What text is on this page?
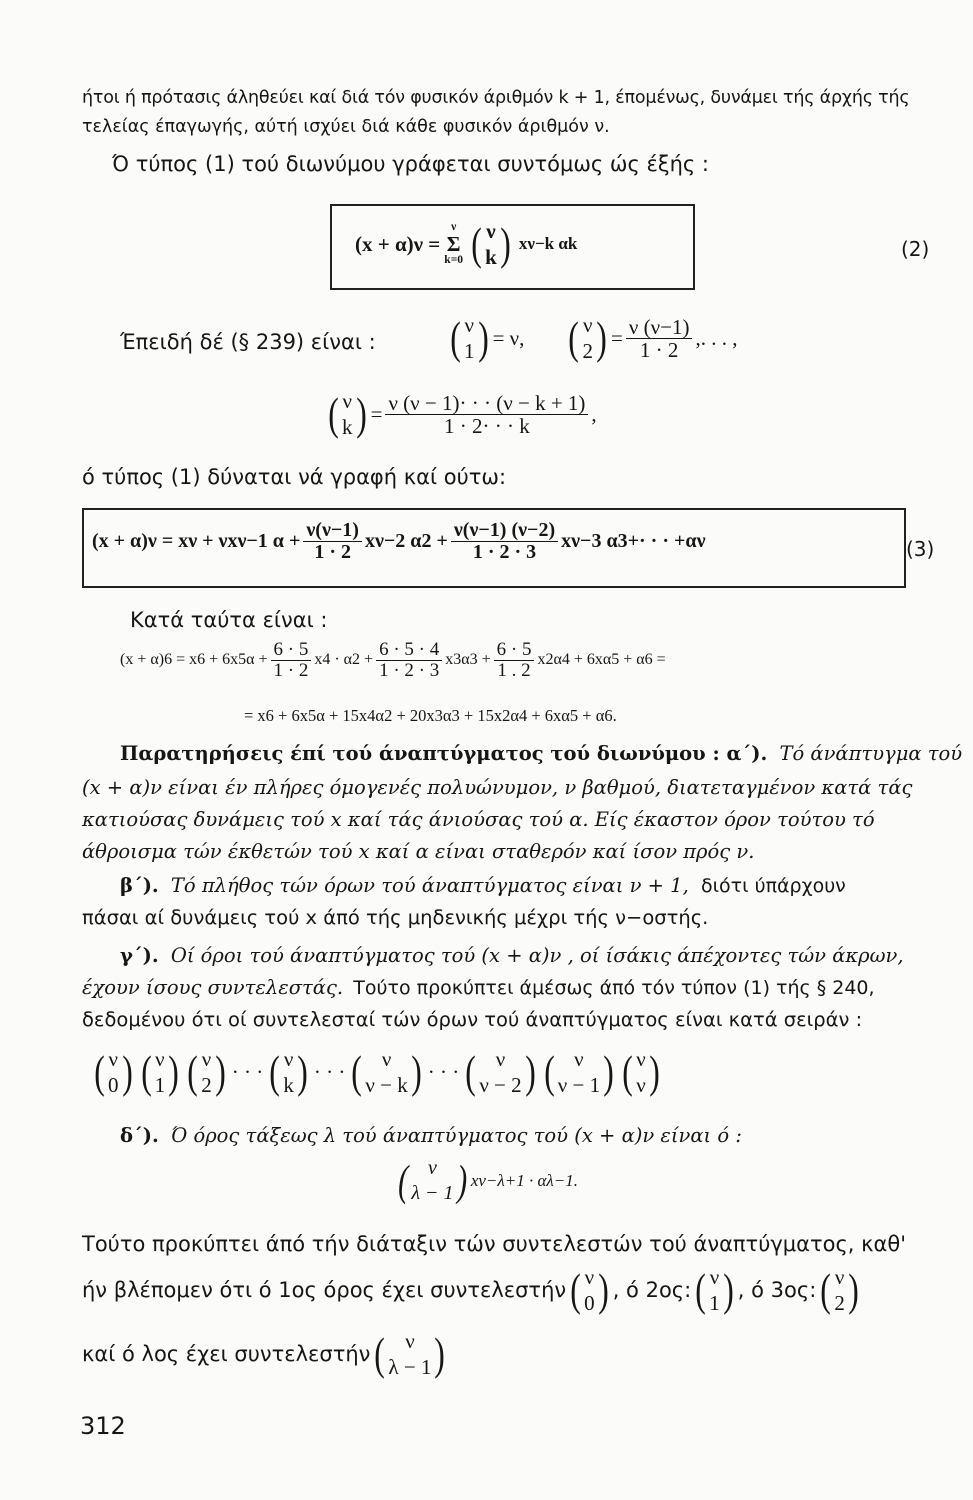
ήτοι ή πρότασις άληθεύει καί διά τόν φυσικόν άριθμόν k + 1, έπομένως, δυνάμει τής άρχής τής
τελείας έπαγωγής, αύτή ισχύει διά κάθε φυσικόν άριθμόν ν.
Ό τύπος (1) τού διωνύμου γράφεται συντόμως ώς έξής :
(x + α)ν =
ν
Σ
k=0 ( ν
k ) xν−k αk	(2)
Έπειδή δέ (§ 239) είναι : ( ν
1 ) = ν, ( ν
2 ) = $\frac{\nu (\nu-1)}{1 \cdot 2}$ ,. . . ,
( ν
k ) = $\frac{\nu (\nu - 1)\cdot \cdot \cdot (\nu - k + 1)}{1 \cdot 2\cdot \cdot \cdot k}$ ,
ό τύπος (1) δύναται νά γραφή καί ούτω:
(x + α)ν = xν + νxν−1 $\alpha + \frac{\nu(\nu-1)}{1 \cdot 2} x\nu-2$ $\alpha 2 + \frac{\nu(\nu-1) (\nu-2)}{1 \cdot 2 \cdot 3} x\nu-3$ α3+· · · +αν	(3)
Κατά ταύτα είναι :
$(x + \alpha)6 = x6 + 6x5\alpha + \frac{6 \cdot 5}{1 \cdot 2} x4 \cdot \alpha 2 + \frac{6 \cdot 5 \cdot 4}{1 \cdot 2 \cdot 3} x3\alpha 3 + \frac{6 \cdot 5}{1 . 2} x2\alpha 4 + 6x\alpha 5 + \alpha 6$ =
= x6 + 6x5α + 15x4α2 + 20x3α3 + 15x2α4 + 6xα5 + α6.
Παρατηρήσεις έπί τού άναπτύγματος τού διωνύμου : α΄). Τό άνάπτυγμα τού
(x + α)ν είναι έν πλήρες όμογενές πολυώνυμον, ν βαθμού, διατεταγμένον κατά τάς
κατιούσας δυνάμεις τού x καί τάς άνιούσας τού α. Είς έκαστον όρον τούτου τό
άθροισμα τών έκθετών τού x καί α είναι σταθερόν καί ίσον πρός ν.
β΄). Τό πλήθος τών όρων τού άναπτύγματος είναι ν + 1, διότι ύπάρχουν
πάσαι αί δυνάμεις τού x άπό τής μηδενικής μέχρι τής ν−οστής.
γ΄). Οί όροι τού άναπτύγματος τού (x + α)ν , οί ίσάκις άπέχοντες τών άκρων,
έχουν ίσους συντελεστάς. Τούτο προκύπτει άμέσως άπό τόν τύπον (1) τής § 240,
δεδομένου ότι οί συντελεσταί τών όρων τού άναπτύγματος είναι κατά σειράν :
( ν
0 ) ( ν
1 ) ( ν
2 ) · · · ( ν
k ) · · · ( ν
ν − k ) · · · ( ν
ν − 2 ) ( ν
ν − 1 ) ( ν
ν )
δ΄). Ό όρος τάξεως λ τού άναπτύγματος τού (x + α)ν είναι ό :
( ν
λ − 1 ) xν−λ+1 · αλ−1.
Τούτο προκύπτει άπό τήν διάταξιν τών συντελεστών τού άναπτύγματος, καθ'
ήν βλέπομεν ότι ό 1ος όρος έχει συντελεστήν ( ν
0 ) , ό 2ος: ( ν
1 ) , ό 3ος: ( ν
2 )
καί ό λος έχει συντελεστήν ( ν
λ − 1 )
312
